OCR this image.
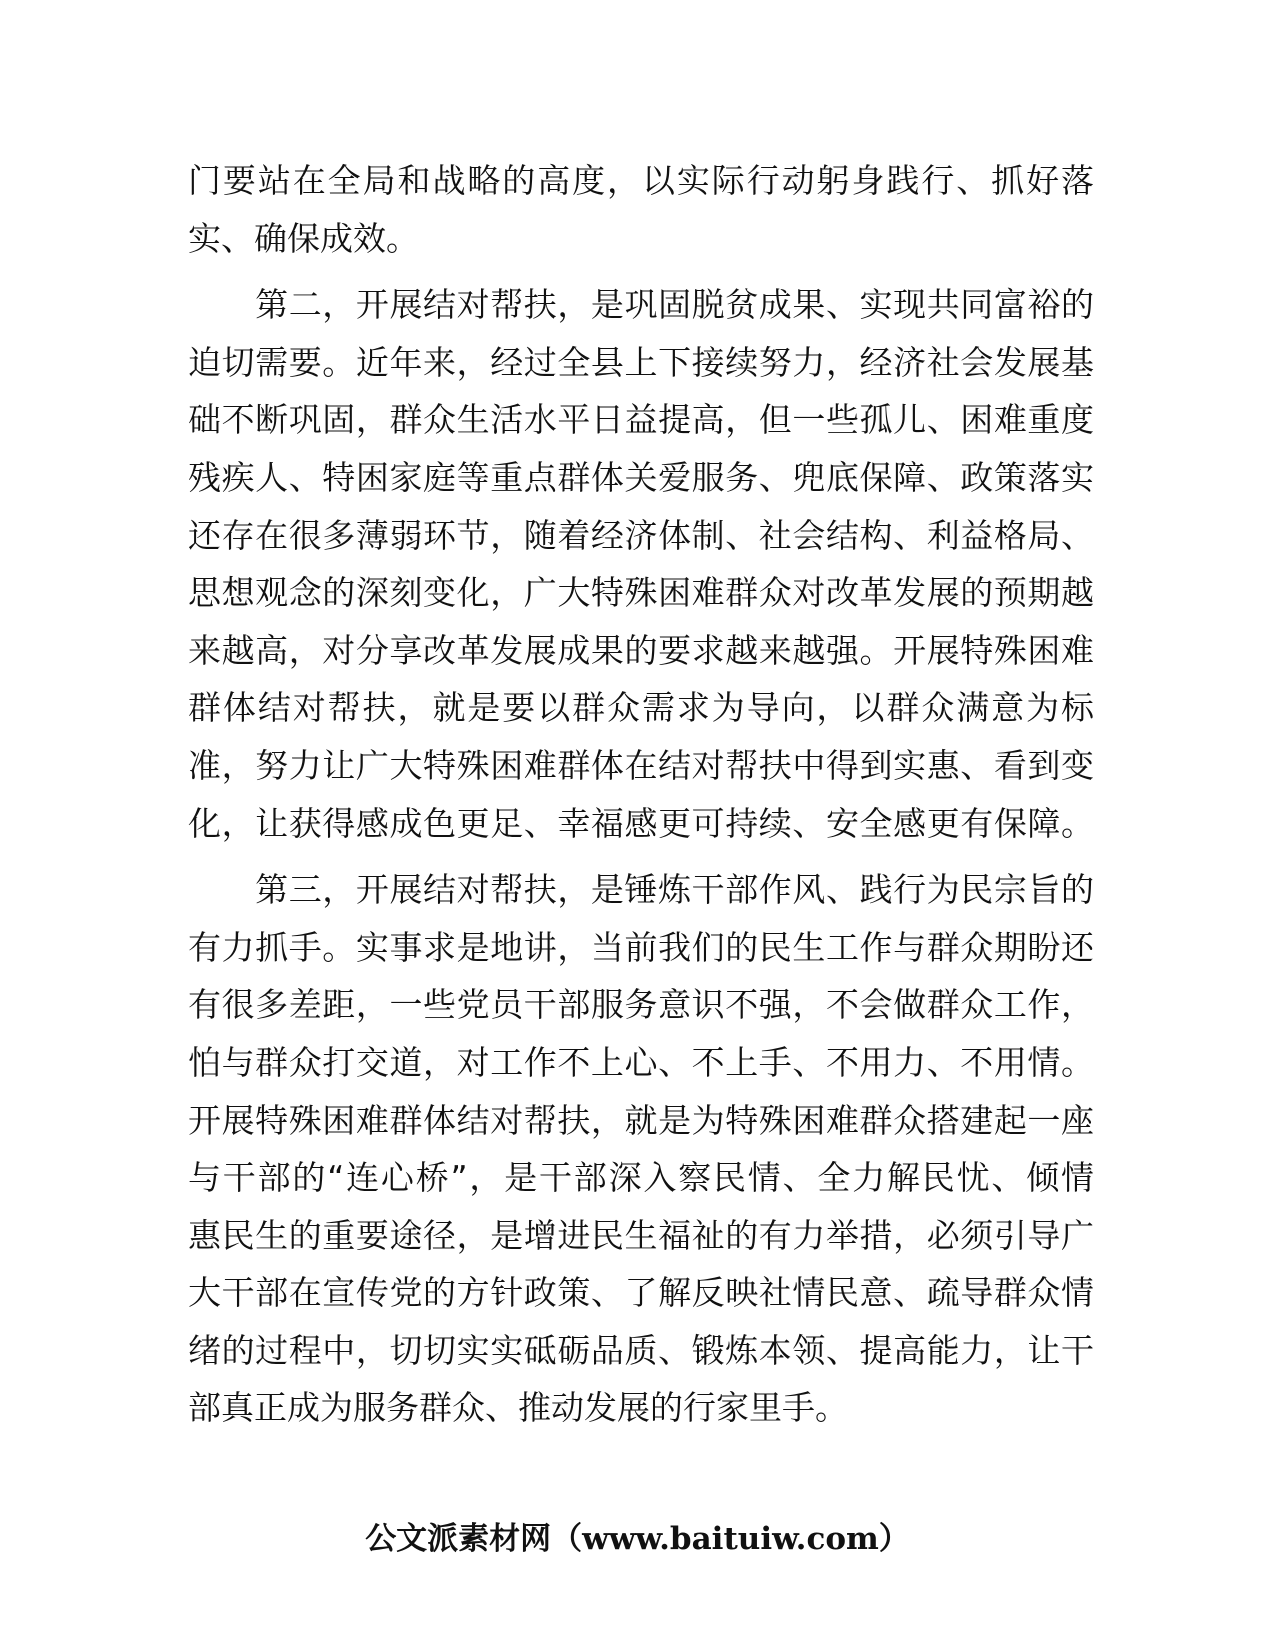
门要站在全局和战略的高度，以实际行动躬身践行、抓好落
实、确保成效。
　　第二，开展结对帮扶，是巩固脱贫成果、实现共同富裕的
迫切需要。近年来，经过全县上下接续努力，经济社会发展基
础不断巩固，群众生活水平日益提高，但一些孤儿、困难重度
残疾人、特困家庭等重点群体关爱服务、兜底保障、政策落实
还存在很多薄弱环节，随着经济体制、社会结构、利益格局、
思想观念的深刻变化，广大特殊困难群众对改革发展的预期越
来越高，对分享改革发展成果的要求越来越强。开展特殊困难
群体结对帮扶，就是要以群众需求为导向，以群众满意为标
准，努力让广大特殊困难群体在结对帮扶中得到实惠、看到变
化，让获得感成色更足、幸福感更可持续、安全感更有保障。
　　第三，开展结对帮扶，是锤炼干部作风、践行为民宗旨的
有力抓手。实事求是地讲，当前我们的民生工作与群众期盼还
有很多差距，一些党员干部服务意识不强，不会做群众工作，
怕与群众打交道，对工作不上心、不上手、不用力、不用情。
开展特殊困难群体结对帮扶，就是为特殊困难群众搭建起一座
与干部的“连心桥”，是干部深入察民情、全力解民忧、倾情
惠民生的重要途径，是增进民生福祉的有力举措，必须引导广
大干部在宣传党的方针政策、了解反映社情民意、疏导群众情
绪的过程中，切切实实砥砺品质、锻炼本领、提高能力，让干
部真正成为服务群众、推动发展的行家里手。
公文派素材网（www.baituiw.com）
